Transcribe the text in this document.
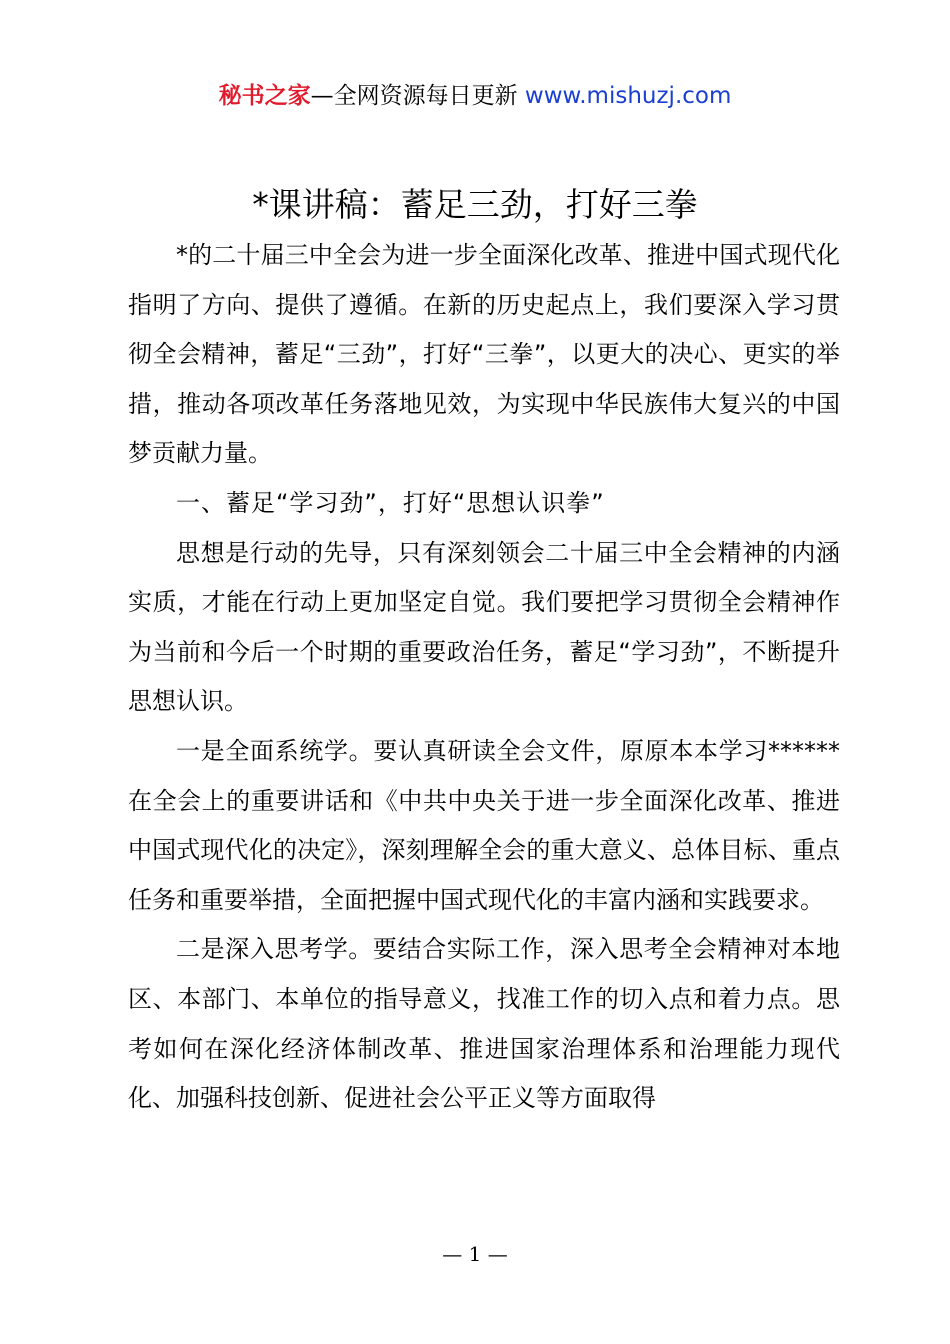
秘书之家—全网资源每日更新 www.mishuzj.com
*课讲稿：蓄足三劲，打好三拳

*的二十届三中全会为进一步全面深化改革、推进中国式现代化指明了方向、提供了遵循。在新的历史起点上，我们要深入学习贯彻全会精神，蓄足“三劲”，打好“三拳”，以更大的决心、更实的举措，推动各项改革任务落地见效，为实现中华民族伟大复兴的中国梦贡献力量。

一、蓄足“学习劲”，打好“思想认识拳”

思想是行动的先导，只有深刻领会二十届三中全会精神的内涵实质，才能在行动上更加坚定自觉。我们要把学习贯彻全会精神作为当前和今后一个时期的重要政治任务，蓄足“学习劲”，不断提升思想认识。

一是全面系统学。要认真研读全会文件，原原本本学习******在全会上的重要讲话和《中共中央关于进一步全面深化改革、推进中国式现代化的决定》，深刻理解全会的重大意义、总体目标、重点任务和重要举措，全面把握中国式现代化的丰富内涵和实践要求。

二是深入思考学。要结合实际工作，深入思考全会精神对本地区、本部门、本单位的指导意义，找准工作的切入点和着力点。思考如何在深化经济体制改革、推进国家治理体系和治理能力现代化、加强科技创新、促进社会公平正义等方面取得

— 1 —
